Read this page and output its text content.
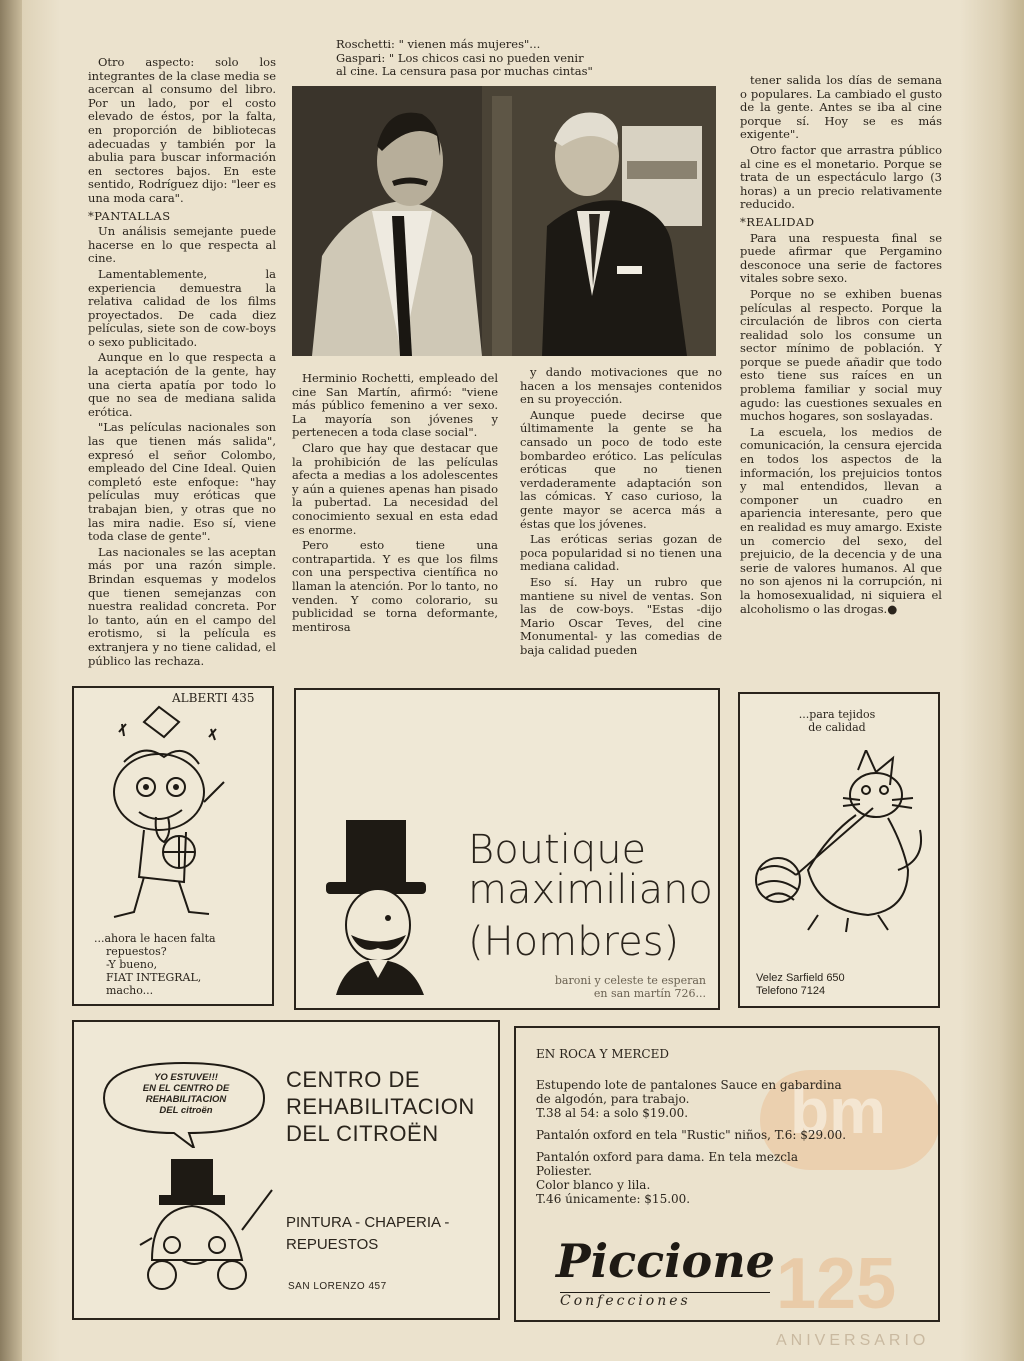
Roschetti: " vienen más mujeres"...
Gaspari: " Los chicos casi no pueden venir
al cine. La censura pasa por muchas cintas"

Otro aspecto: solo los integrantes de la clase media se acercan al consumo del libro. Por un lado, por el costo elevado de éstos, por la falta, en proporción de bibliotecas adecuadas y también por la abulia para buscar información en sectores bajos. En este sentido, Rodríguez dijo: "leer es una moda cara".

*PANTALLAS

Un análisis semejante puede hacerse en lo que respecta al cine.

Lamentablemente, la experiencia demuestra la relativa calidad de los films proyectados. De cada diez películas, siete son de cow-boys o sexo publicitado.

Aunque en lo que respecta a la aceptación de la gente, hay una cierta apatía por todo lo que no sea de mediana salida erótica.

"Las películas nacionales son las que tienen más salida", expresó el señor Colombo, empleado del Cine Ideal. Quien completó este enfoque: "hay películas muy eróticas que trabajan bien, y otras que no las mira nadie. Eso sí, viene toda clase de gente".

Las nacionales se las aceptan más por una razón simple. Brindan esquemas y modelos que tienen semejanzas con nuestra realidad concreta. Por lo tanto, aún en el campo del erotismo, si la película es extranjera y no tiene calidad, el público las rechaza.

Herminio Rochetti, empleado del cine San Martín, afirmó: "viene más público femenino a ver sexo. La mayoría son jóvenes y pertenecen a toda clase social".

Claro que hay que destacar que la prohibición de las películas afecta a medias a los adolescentes y aún a quienes apenas han pisado la pubertad. La necesidad del conocimiento sexual en esta edad es enorme.

Pero esto tiene una contrapartida. Y es que los films con una perspectiva científica no llaman la atención. Por lo tanto, no venden. Y como colorario, su publicidad se torna deformante, mentirosa

y dando motivaciones que no hacen a los mensajes contenidos en su proyección.

Aunque puede decirse que últimamente la gente se ha cansado un poco de todo este bombardeo erótico. Las películas eróticas que no tienen verdaderamente adaptación son las cómicas. Y caso curioso, la gente mayor se acerca más a éstas que los jóvenes.

Las eróticas serias gozan de poca popularidad si no tienen una mediana calidad.

Eso sí. Hay un rubro que mantiene su nivel de ventas. Son las de cow-boys. "Estas -dijo Mario Oscar Teves, del cine Monumental- y las comedias de baja calidad pueden

tener salida los días de semana o populares. La cambiado el gusto de la gente. Antes se iba al cine porque sí. Hoy se es más exigente".

Otro factor que arrastra público al cine es el monetario. Porque se trata de un espectáculo largo (3 horas) a un precio relativamente reducido.

*REALIDAD

Para una respuesta final se puede afirmar que Pergamino desconoce una serie de factores vitales sobre sexo.

Porque no se exhiben buenas películas al respecto. Porque la circulación de libros con cierta realidad solo los consume un sector mínimo de población. Y porque se puede añadir que todo esto tiene sus raíces en un problema familiar y social muy agudo: las cuestiones sexuales en muchos hogares, son soslayadas.

La escuela, los medios de comunicación, la censura ejercida en todos los aspectos de la información, los prejuicios tontos y mal entendidos, llevan a componer un cuadro en apariencia interesante, pero que en realidad es muy amargo. Existe un comercio del sexo, del prejuicio, de la decencia y de una serie de valores humanos. Al que no son ajenos ni la corrupción, ni la homosexualidad, ni siquiera el alcoholismo o las drogas.●

ALBERTI 435
...ahora le hacen falta
repuestos?
-Y bueno,
FIAT INTEGRAL,
macho...
Boutique
maximiliano
(Hombres)
baroni y celeste te esperan
en san martín 726...
...para tejidos
de calidad
Velez Sarfield 650
Telefono 7124
YO ESTUVE!!!
EN EL CENTRO DE
REHABILITACION
DEL citroën
CENTRO DE
REHABILITACION
DEL CITROËN
PINTURA - CHAPERIA -
REPUESTOS
SAN LORENZO 457
bm
125
ANIVERSARIO
EN ROCA Y MERCED
Estupendo lote de pantalones Sauce en gabardina
de algodón, para trabajo.
T.38 al 54: a solo $19.00.
Pantalón oxford en tela "Rustic" niños, T.6: $29.00.
Pantalón oxford para dama. En tela mezcla
Poliester.
Color blanco y lila.
T.46 únicamente: $15.00.
Piccione
Confecciones
